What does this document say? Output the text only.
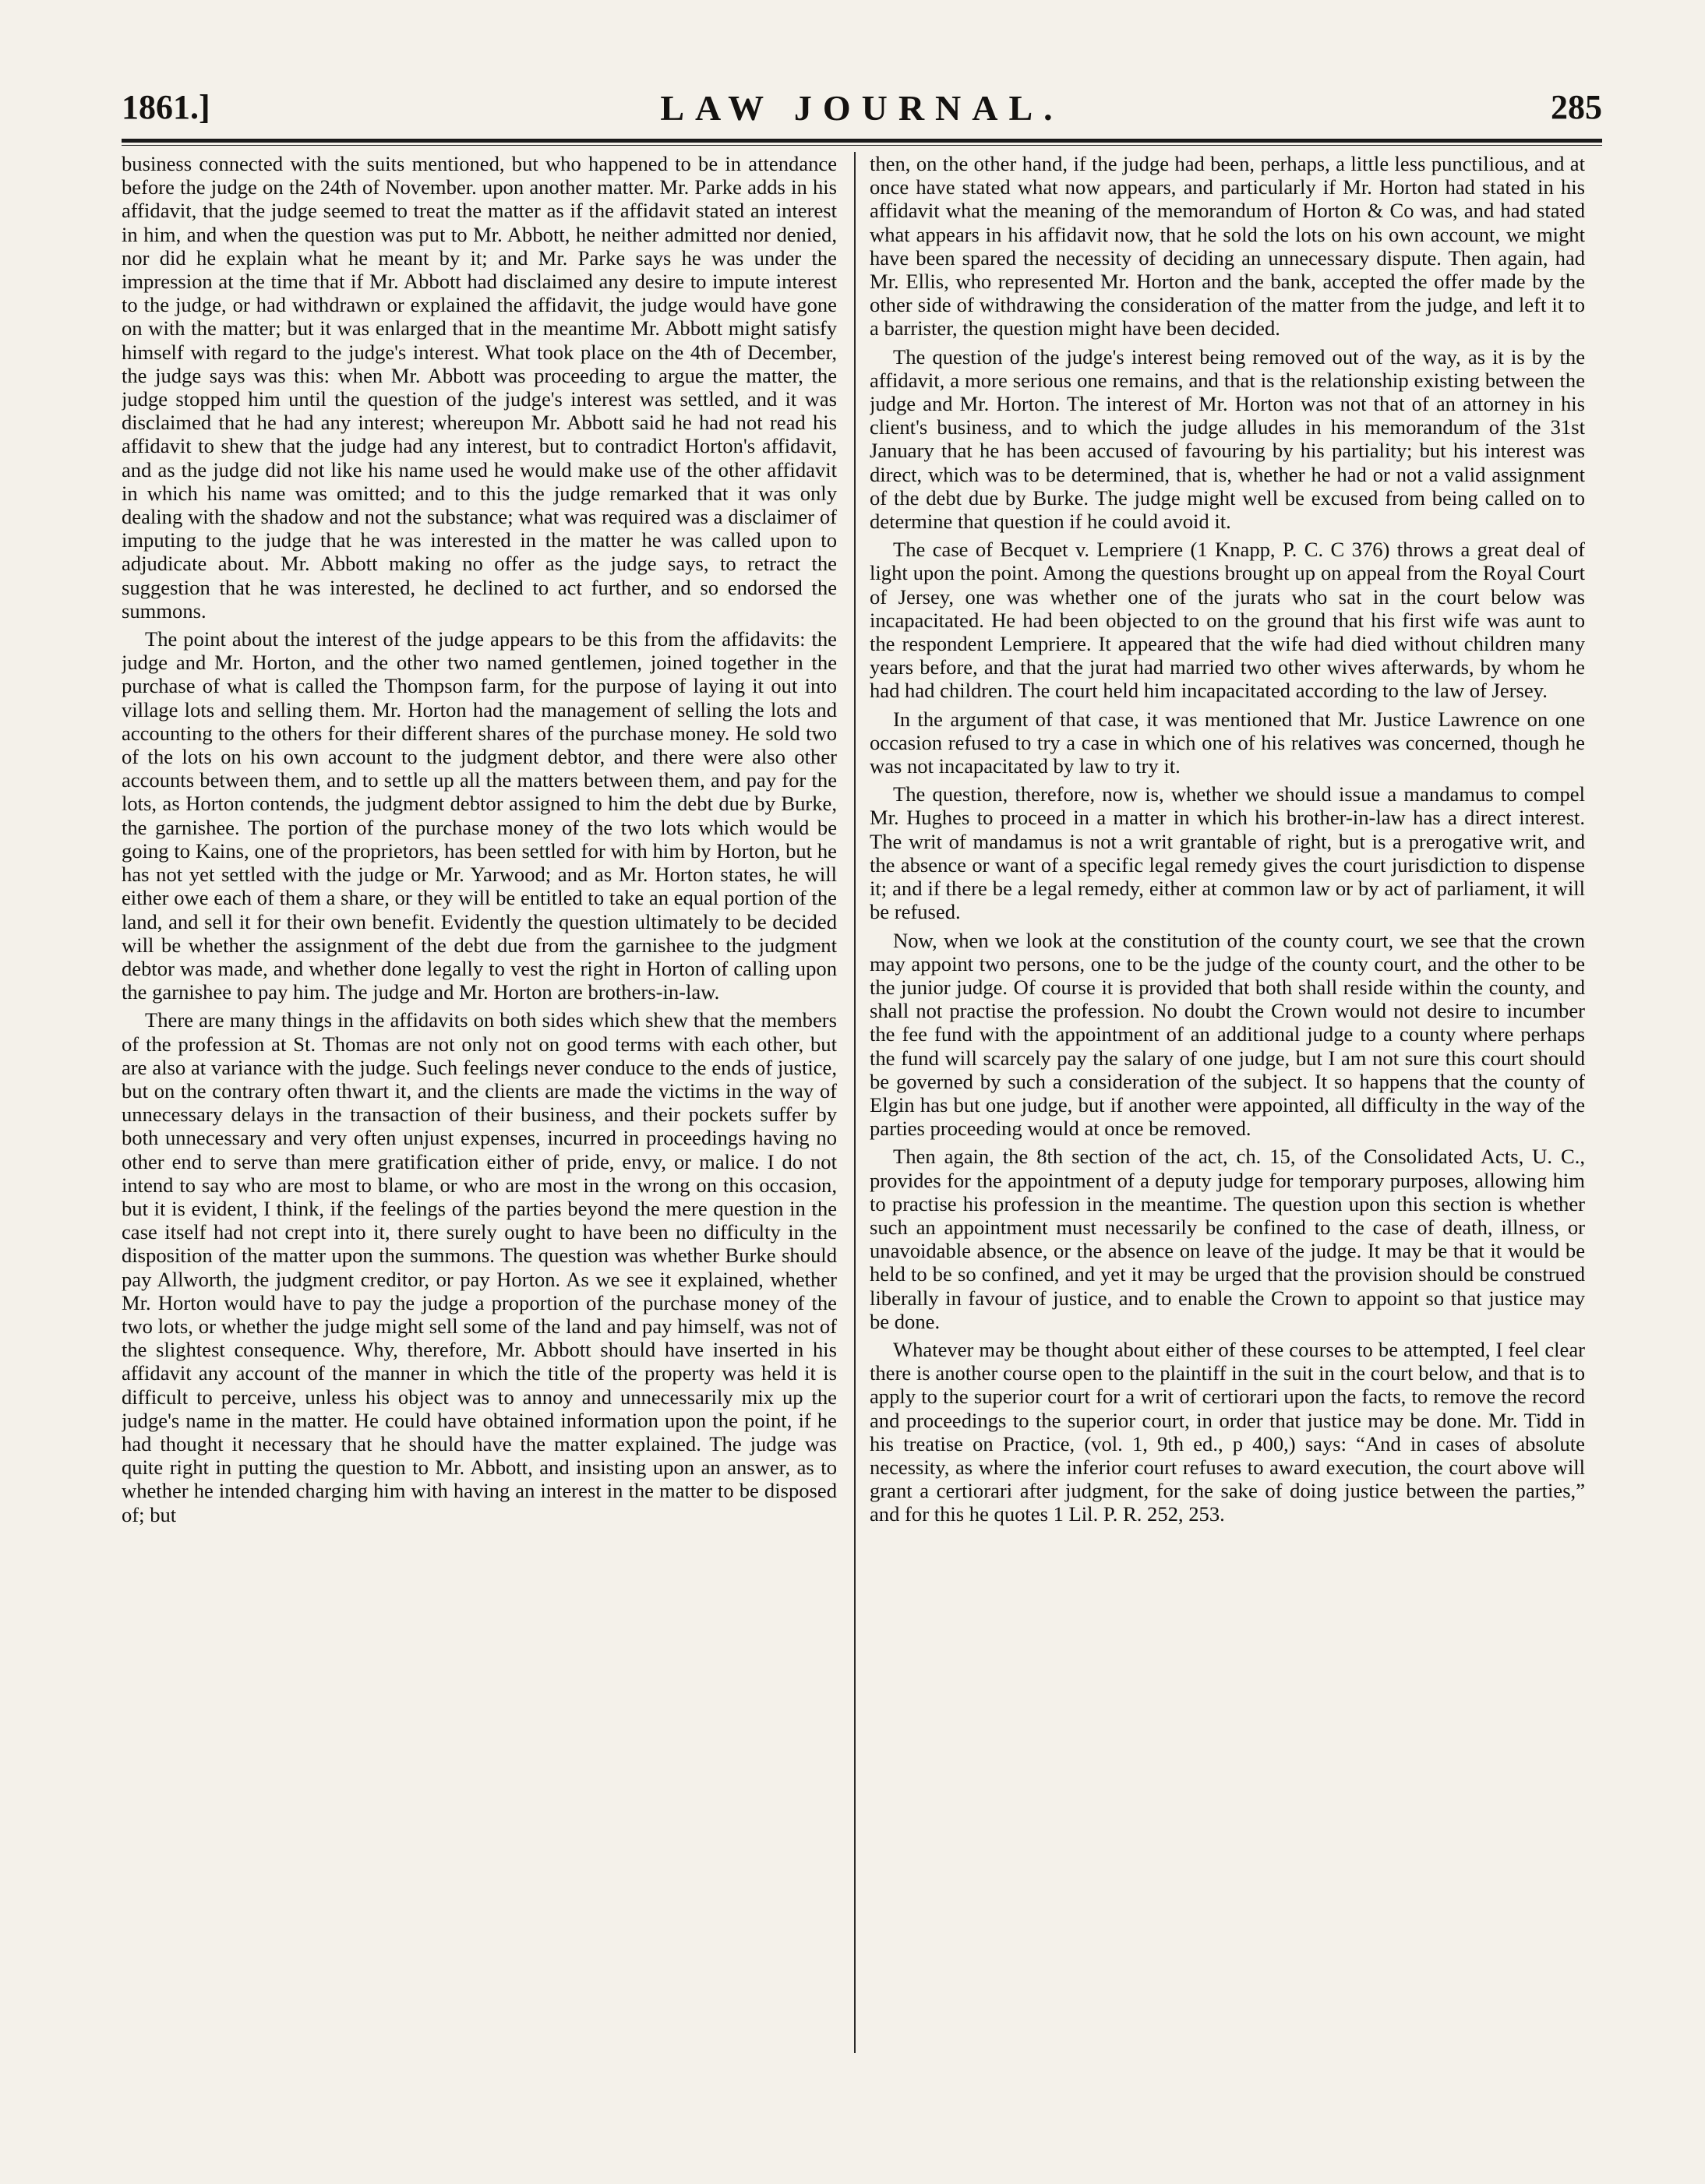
1861.]	LAW JOURNAL.	285

business connected with the suits mentioned, but who happened to be in attendance before the judge on the 24th of November. upon another matter. Mr. Parke adds in his affidavit, that the judge seemed to treat the matter as if the affidavit stated an interest in him, and when the question was put to Mr. Abbott, he neither admitted nor denied, nor did he explain what he meant by it; and Mr. Parke says he was under the impression at the time that if Mr. Abbott had disclaimed any desire to impute interest to the judge, or had withdrawn or explained the affidavit, the judge would have gone on with the matter; but it was enlarged that in the meantime Mr. Abbott might satisfy himself with regard to the judge's interest. What took place on the 4th of December, the judge says was this: when Mr. Abbott was proceeding to argue the matter, the judge stopped him until the question of the judge's interest was settled, and it was disclaimed that he had any interest; whereupon Mr. Abbott said he had not read his affidavit to shew that the judge had any interest, but to contradict Horton's affidavit, and as the judge did not like his name used he would make use of the other affidavit in which his name was omitted; and to this the judge remarked that it was only dealing with the shadow and not the substance; what was required was a disclaimer of imputing to the judge that he was interested in the matter he was called upon to adjudicate about. Mr. Abbott making no offer as the judge says, to retract the suggestion that he was interested, he declined to act further, and so endorsed the summons.

The point about the interest of the judge appears to be this from the affidavits: the judge and Mr. Horton, and the other two named gentlemen, joined together in the purchase of what is called the Thompson farm, for the purpose of laying it out into village lots and selling them. Mr. Horton had the management of selling the lots and accounting to the others for their different shares of the purchase money. He sold two of the lots on his own account to the judgment debtor, and there were also other accounts between them, and to settle up all the matters between them, and pay for the lots, as Horton contends, the judgment debtor assigned to him the debt due by Burke, the garnishee. The portion of the purchase money of the two lots which would be going to Kains, one of the proprietors, has been settled for with him by Horton, but he has not yet settled with the judge or Mr. Yarwood; and as Mr. Horton states, he will either owe each of them a share, or they will be entitled to take an equal portion of the land, and sell it for their own benefit. Evidently the question ultimately to be decided will be whether the assignment of the debt due from the garnishee to the judgment debtor was made, and whether done legally to vest the right in Horton of calling upon the garnishee to pay him. The judge and Mr. Horton are brothers-in-law.

There are many things in the affidavits on both sides which shew that the members of the profession at St. Thomas are not only not on good terms with each other, but are also at variance with the judge. Such feelings never conduce to the ends of justice, but on the contrary often thwart it, and the clients are made the victims in the way of unnecessary delays in the transaction of their business, and their pockets suffer by both unnecessary and very often unjust expenses, incurred in proceedings having no other end to serve than mere gratification either of pride, envy, or malice. I do not intend to say who are most to blame, or who are most in the wrong on this occasion, but it is evident, I think, if the feelings of the parties beyond the mere question in the case itself had not crept into it, there surely ought to have been no difficulty in the disposition of the matter upon the summons. The question was whether Burke should pay Allworth, the judgment creditor, or pay Horton. As we see it explained, whether Mr. Horton would have to pay the judge a proportion of the purchase money of the two lots, or whether the judge might sell some of the land and pay himself, was not of the slightest consequence. Why, therefore, Mr. Abbott should have inserted in his affidavit any account of the manner in which the title of the property was held it is difficult to perceive, unless his object was to annoy and unnecessarily mix up the judge's name in the matter. He could have obtained information upon the point, if he had thought it necessary that he should have the matter explained. The judge was quite right in putting the question to Mr. Abbott, and insisting upon an answer, as to whether he intended charging him with having an interest in the matter to be disposed of; but

then, on the other hand, if the judge had been, perhaps, a little less punctilious, and at once have stated what now appears, and particularly if Mr. Horton had stated in his affidavit what the meaning of the memorandum of Horton & Co was, and had stated what appears in his affidavit now, that he sold the lots on his own account, we might have been spared the necessity of deciding an unnecessary dispute. Then again, had Mr. Ellis, who represented Mr. Horton and the bank, accepted the offer made by the other side of withdrawing the consideration of the matter from the judge, and left it to a barrister, the question might have been decided.

The question of the judge's interest being removed out of the way, as it is by the affidavit, a more serious one remains, and that is the relationship existing between the judge and Mr. Horton. The interest of Mr. Horton was not that of an attorney in his client's business, and to which the judge alludes in his memorandum of the 31st January that he has been accused of favouring by his partiality; but his interest was direct, which was to be determined, that is, whether he had or not a valid assignment of the debt due by Burke. The judge might well be excused from being called on to determine that question if he could avoid it.

The case of Becquet v. Lempriere (1 Knapp, P. C. C 376) throws a great deal of light upon the point. Among the questions brought up on appeal from the Royal Court of Jersey, one was whether one of the jurats who sat in the court below was incapacitated. He had been objected to on the ground that his first wife was aunt to the respondent Lempriere. It appeared that the wife had died without children many years before, and that the jurat had married two other wives afterwards, by whom he had had children. The court held him incapacitated according to the law of Jersey.

In the argument of that case, it was mentioned that Mr. Justice Lawrence on one occasion refused to try a case in which one of his relatives was concerned, though he was not incapacitated by law to try it.

The question, therefore, now is, whether we should issue a mandamus to compel Mr. Hughes to proceed in a matter in which his brother-in-law has a direct interest. The writ of mandamus is not a writ grantable of right, but is a prerogative writ, and the absence or want of a specific legal remedy gives the court jurisdiction to dispense it; and if there be a legal remedy, either at common law or by act of parliament, it will be refused.

Now, when we look at the constitution of the county court, we see that the crown may appoint two persons, one to be the judge of the county court, and the other to be the junior judge. Of course it is provided that both shall reside within the county, and shall not practise the profession. No doubt the Crown would not desire to incumber the fee fund with the appointment of an additional judge to a county where perhaps the fund will scarcely pay the salary of one judge, but I am not sure this court should be governed by such a consideration of the subject. It so happens that the county of Elgin has but one judge, but if another were appointed, all difficulty in the way of the parties proceeding would at once be removed.

Then again, the 8th section of the act, ch. 15, of the Consolidated Acts, U. C., provides for the appointment of a deputy judge for temporary purposes, allowing him to practise his profession in the meantime. The question upon this section is whether such an appointment must necessarily be confined to the case of death, illness, or unavoidable absence, or the absence on leave of the judge. It may be that it would be held to be so confined, and yet it may be urged that the provision should be construed liberally in favour of justice, and to enable the Crown to appoint so that justice may be done.

Whatever may be thought about either of these courses to be attempted, I feel clear there is another course open to the plaintiff in the suit in the court below, and that is to apply to the superior court for a writ of certiorari upon the facts, to remove the record and proceedings to the superior court, in order that justice may be done. Mr. Tidd in his treatise on Practice, (vol. 1, 9th ed., p 400,) says: “And in cases of absolute necessity, as where the inferior court refuses to award execution, the court above will grant a certiorari after judgment, for the sake of doing justice between the parties,” and for this he quotes 1 Lil. P. R. 252, 253.
